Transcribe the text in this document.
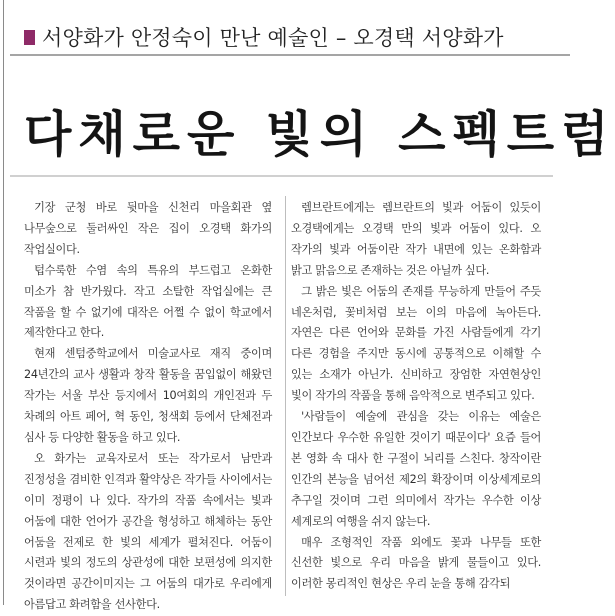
서양화가 안정숙이 만난 예술인 – 오경택 서양화가
다채로운 빛의 스펙트럼

기장 군청 바로 뒷마을 신천리 마을회관 옆 나무숲으로 둘러싸인 작은 집이 오경택 화가의 작업실이다.

텁수룩한 수염 속의 특유의 부드럽고 온화한 미소가 참 반가웠다. 작고 소탈한 작업실에는 큰 작품을 할 수 없기에 대작은 어쩔 수 없이 학교에서 제작한다고 한다.

현재 센텀중학교에서 미술교사로 재직 중이며 24년간의 교사 생활과 창작 활동을 꿈입없이 해왔던 작가는 서울 부산 등지에서 10여회의 개인전과 두 차례의 아트 페어, 혁 동인, 청색회 등에서 단체전과 심사 등 다양한 활동을 하고 있다.

오 화가는 교육자로서 또는 작가로서 남만과 진정성을 겸비한 인격과 활약상은 작가들 사이에서는 이미 정평이 나 있다. 작가의 작품 속에서는 빛과 어둠에 대한 언어가 공간을 형성하고 해체하는 동안 어둠을 전제로 한 빛의 세계가 펼쳐진다. 어둠이 시련과 빛의 정도의 상관성에 대한 보편성에 의지한 것이라면 공간이미지는 그 어둠의 대가로 우리에게 아름답고 화려함을 선사한다.

렘브란트에게는 렘브란트의 빛과 어둠이 있듯이 오경택에게는 오경택 만의 빛과 어둠이 있다. 오 작가의 빛과 어둠이란 작가 내면에 있는 온화함과 밝고 맑음으로 존재하는 것은 아닐까 싶다.

그 밝은 빛은 어둠의 존재를 무능하게 만들어 주듯 네온처럼, 꽃비처럼 보는 이의 마음에 녹아든다. 자연은 다른 언어와 문화를 가진 사람들에게 각기 다른 경험을 주지만 동시에 공통적으로 이해할 수 있는 소재가 아닌가. 신비하고 장엄한 자연현상인 빛이 작가의 작품을 통해 음악적으로 변주되고 있다.

'사람들이 예술에 관심을 갖는 이유는 예술은 인간보다 우수한 유일한 것이기 때문이다' 요즘 들어 본 영화 속 대사 한 구절이 뇌리를 스친다. 창작이란 인간의 본능을 넘어선 제2의 확장이며 이상세계로의 추구일 것이며 그런 의미에서 작가는 우수한 이상 세계로의 여행을 쉬지 않는다.

매우 조형적인 작품 외에도 꽃과 나무들 또한 신선한 빛으로 우리 마음을 밝게 물들이고 있다. 이러한 몽리적인 현상은 우리 눈을 통해 감각되
